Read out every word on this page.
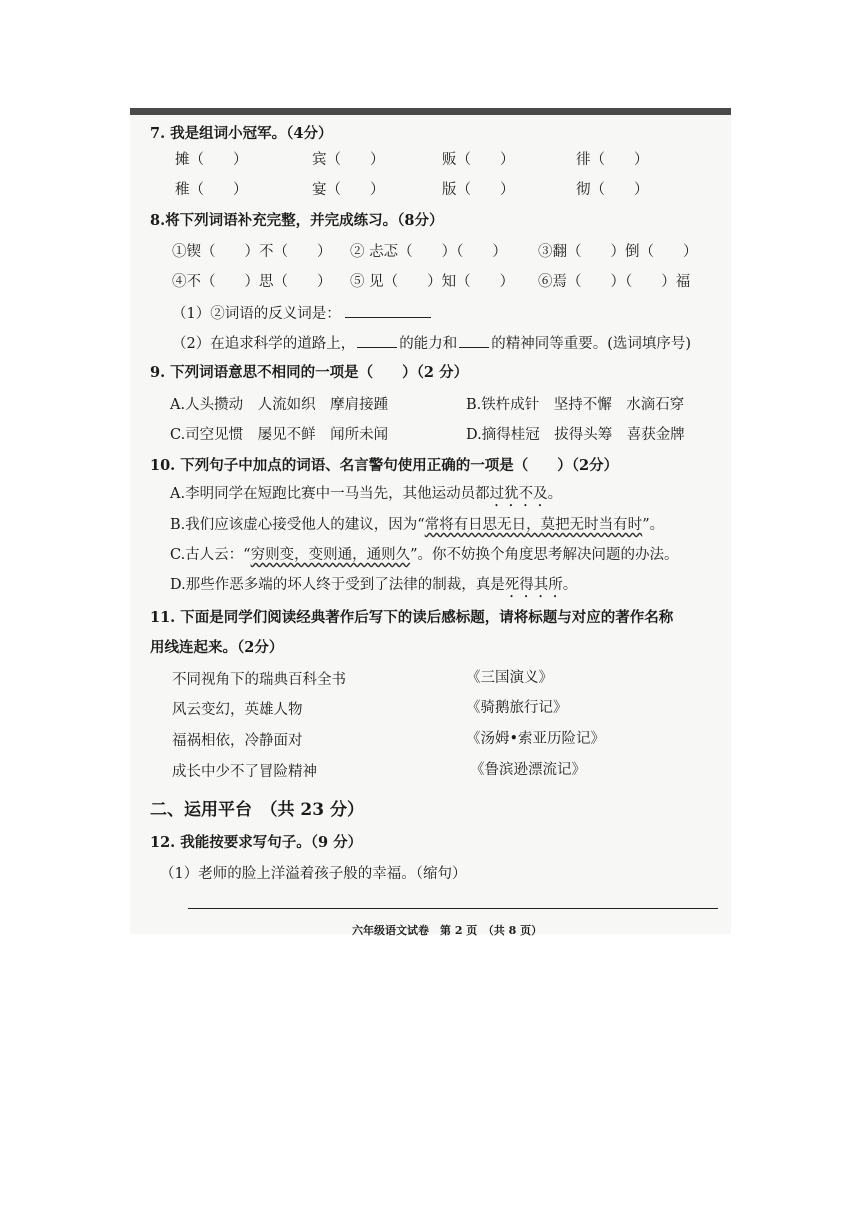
7. 我是组词小冠军。（4分）
摊（　　）	宾（　　）	贩（　　）	徘（　　）
稚（　　）	宴（　　）	版（　　）	彻（　　）
8.将下列词语补充完整，并完成练习。（8分）
①锲（　　）不（　　） ② 忐忑（　　）（　　） ③翻（　　）倒（　　）
④不（　　）思（　　） ⑤ 见（　　）知（　　） ⑥焉（　　）（　　）福
（1）②词语的反义词是：
（2）在追求科学的道路上，	的能力和 的精神同等重要。(选词填序号)
9. 下列词语意思不相同的一项是（　　）（2 分）
A.人头攒动　人流如织　摩肩接踵	B.铁杵成针　坚持不懈　水滴石穿
C.司空见惯　屡见不鲜　闻所未闻	D.摘得桂冠　拔得头筹　喜获金牌
10. 下列句子中加点的词语、名言警句使用正确的一项是（　　）（2分）
A.李明同学在短跑比赛中一马当先，其他运动员都过犹不及。
B.我们应该虚心接受他人的建议，因为“常将有日思无日，莫把无时当有时”。
C.古人云：“穷则变，变则通，通则久”。你不妨换个角度思考解决问题的办法。
D.那些作恶多端的坏人终于受到了法律的制裁，真是死得其所。
11. 下面是同学们阅读经典著作后写下的读后感标题，请将标题与对应的著作名称
用线连起来。（2分）
不同视角下的瑞典百科全书
风云变幻，英雄人物
福祸相依，冷静面对
成长中少不了冒险精神
《三国演义》
《骑鹅旅行记》
《汤姆•索亚历险记》
《鲁滨逊漂流记》
二、运用平台　（共 23 分）
12. 我能按要求写句子。（9 分）
（1）老师的脸上洋溢着孩子般的幸福。（缩句）
六年级语文试卷　第 2 页　（共 8 页）
